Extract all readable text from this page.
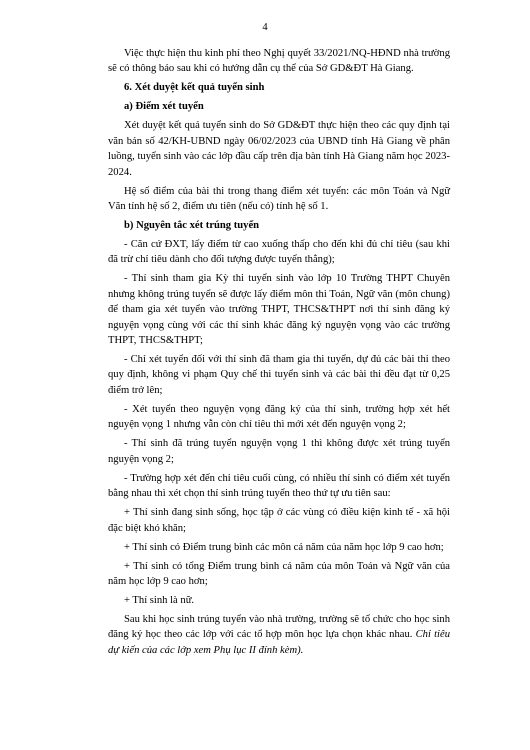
4

Việc thực hiện thu kinh phí theo Nghị quyết 33/2021/NQ-HĐND nhà trường sẽ có thông báo sau khi có hướng dẫn cụ thể của Sở GD&ĐT Hà Giang.

6. Xét duyệt kết quả tuyển sinh
a) Điểm xét tuyển

Xét duyệt kết quả tuyển sinh do Sở GD&ĐT thực hiện theo các quy định tại văn bản số 42/KH-UBND ngày 06/02/2023 của UBND tỉnh Hà Giang về phân luồng, tuyển sinh vào các lớp đầu cấp trên địa bàn tỉnh Hà Giang năm học 2023-2024.

Hệ số điểm của bài thi trong thang điểm xét tuyển: các môn Toán và Ngữ Văn tính hệ số 2, điểm ưu tiên (nếu có) tính hệ số 1.

b) Nguyên tắc xét trúng tuyển

- Căn cứ ĐXT, lấy điểm từ cao xuống thấp cho đến khi đủ chỉ tiêu (sau khi đã trừ chỉ tiêu dành cho đối tượng được tuyển thẳng);

- Thí sinh tham gia Kỳ thi tuyển sinh vào lớp 10 Trường THPT Chuyên nhưng không trúng tuyển sẽ được lấy điểm môn thi Toán, Ngữ văn (môn chung) để tham gia xét tuyển vào trường THPT, THCS&THPT nơi thí sinh đăng ký nguyện vọng cùng với các thí sinh khác đăng ký nguyện vọng vào các trường THPT, THCS&THPT;

- Chỉ xét tuyển đối với thí sinh đã tham gia thi tuyển, dự đủ các bài thi theo quy định, không vi phạm Quy chế thi tuyển sinh và các bài thi đều đạt từ 0,25 điểm trở lên;

- Xét tuyển theo nguyện vọng đăng ký của thí sinh, trường hợp xét hết nguyện vọng 1 nhưng vẫn còn chỉ tiêu thì mới xét đến nguyện vọng 2;

- Thí sinh đã trúng tuyển nguyện vọng 1 thì không được xét trúng tuyển nguyện vọng 2;

- Trường hợp xét đến chỉ tiêu cuối cùng, có nhiều thí sinh có điểm xét tuyển bằng nhau thì xét chọn thí sinh trúng tuyển theo thứ tự ưu tiên sau:

+ Thí sinh đang sinh sống, học tập ở các vùng có điều kiện kinh tế - xã hội đặc biệt khó khăn;

+ Thí sinh có Điểm trung bình các môn cả năm của năm học lớp 9 cao hơn;

+ Thí sinh có tổng Điểm trung bình cả năm của môn Toán và Ngữ văn của năm học lớp 9 cao hơn;

+ Thí sinh là nữ.

Sau khi học sinh trúng tuyển vào nhà trường, trường sẽ tổ chức cho học sinh đăng ký học theo các lớp với các tổ hợp môn học lựa chọn khác nhau. Chỉ tiêu dự kiến của các lớp xem Phụ lục II đính kèm).
